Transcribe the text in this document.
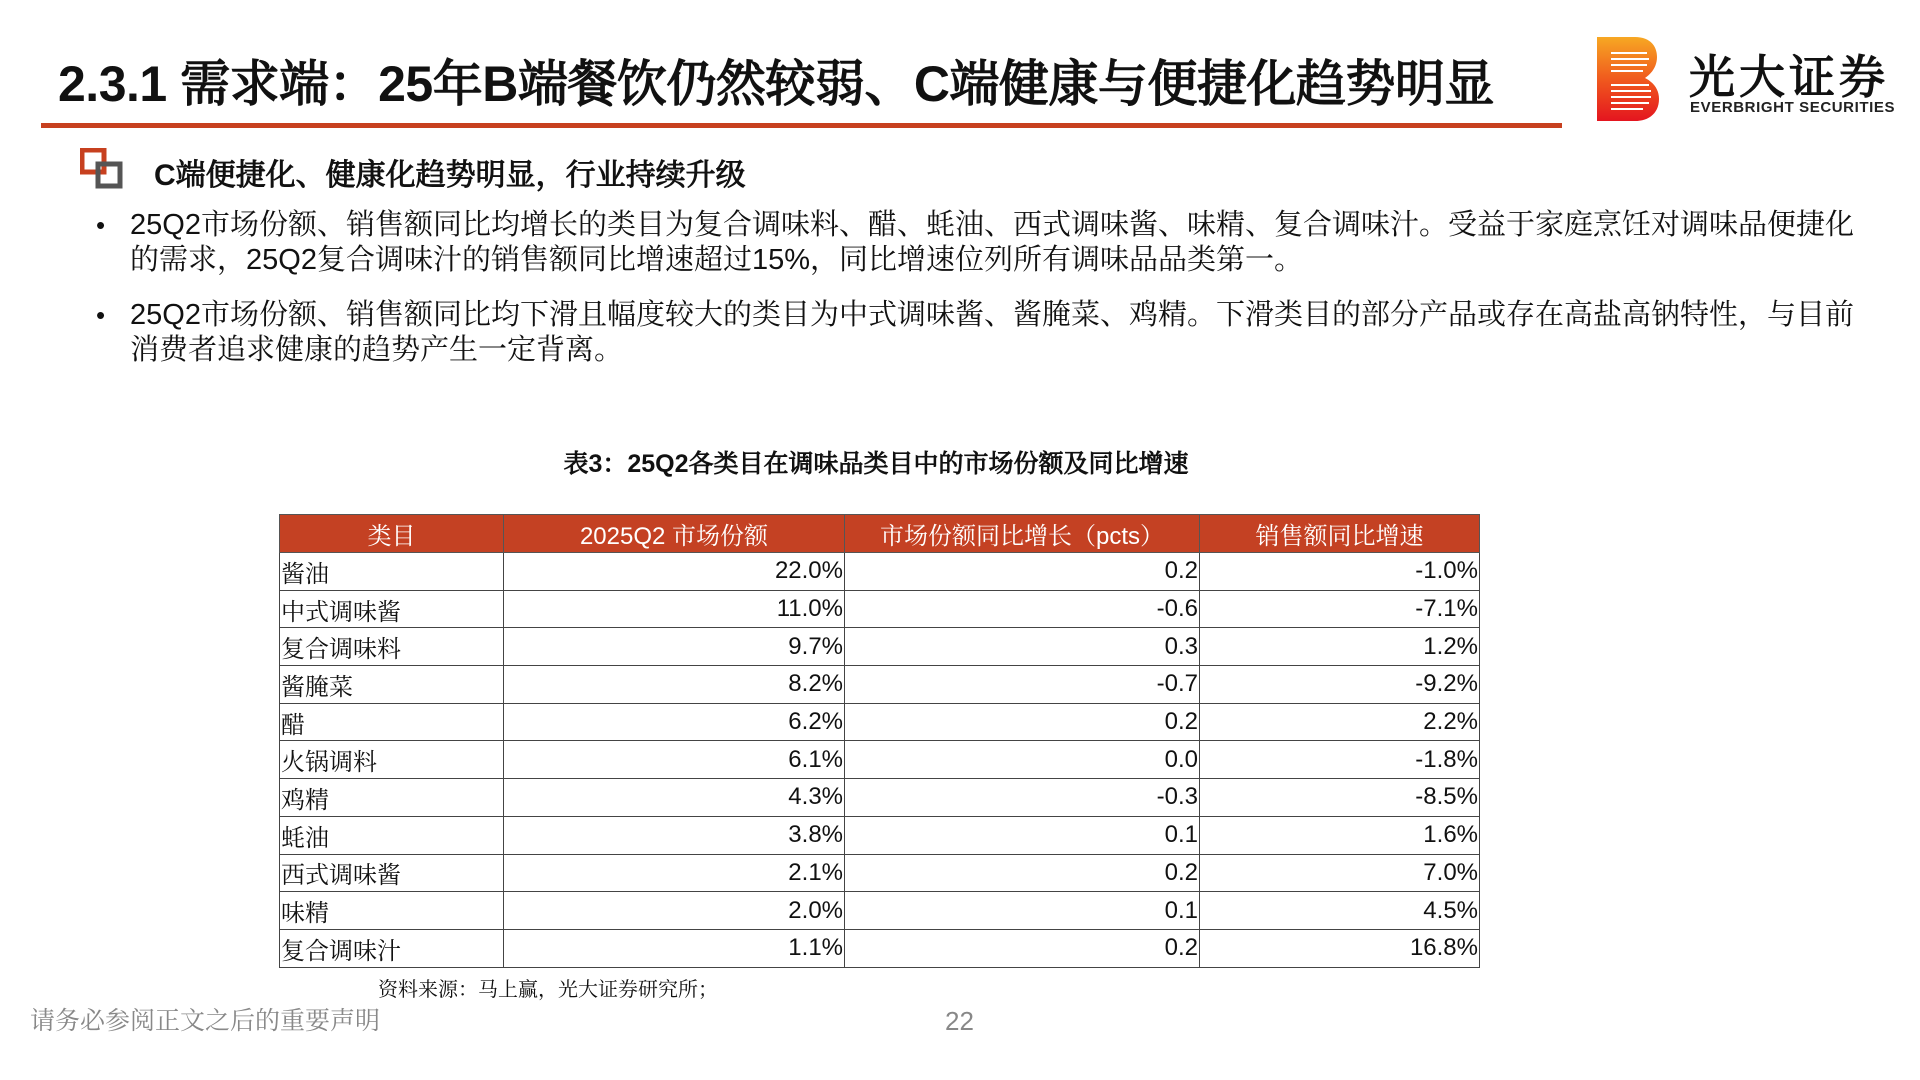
2.3.1 需求端：25年B端餐饮仍然较弱、C端健康与便捷化趋势明显	光大证券
EVERBRIGHT SECURITIES
C端便捷化、健康化趋势明显，行业持续升级
• 25Q2市场份额、销售额同比均增长的类目为复合调味料、醋、蚝油、西式调味酱、味精、复合调味汁。受益于家庭烹饪对调味品便捷化的需求，25Q2复合调味汁的销售额同比增速超过15%，同比增速位列所有调味品品类第一。
• 25Q2市场份额、销售额同比均下滑且幅度较大的类目为中式调味酱、酱腌菜、鸡精。下滑类目的部分产品或存在高盐高钠特性，与目前消费者追求健康的趋势产生一定背离。
表3：25Q2各类目在调味品类目中的市场份额及同比增速
类目	2025Q2 市场份额	市场份额同比增长（pcts）	销售额同比增速
酱油	22.0%	0.2	-1.0%
中式调味酱	11.0%	-0.6	-7.1%
复合调味料	9.7%	0.3	1.2%
酱腌菜	8.2%	-0.7	-9.2%
醋	6.2%	0.2	2.2%
火锅调料	6.1%	0.0	-1.8%
鸡精	4.3%	-0.3	-8.5%
蚝油	3.8%	0.1	1.6%
西式调味酱	2.1%	0.2	7.0%
味精	2.0%	0.1	4.5%
复合调味汁	1.1%	0.2	16.8%
资料来源：马上赢，光大证券研究所；
请务必参阅正文之后的重要声明	22
